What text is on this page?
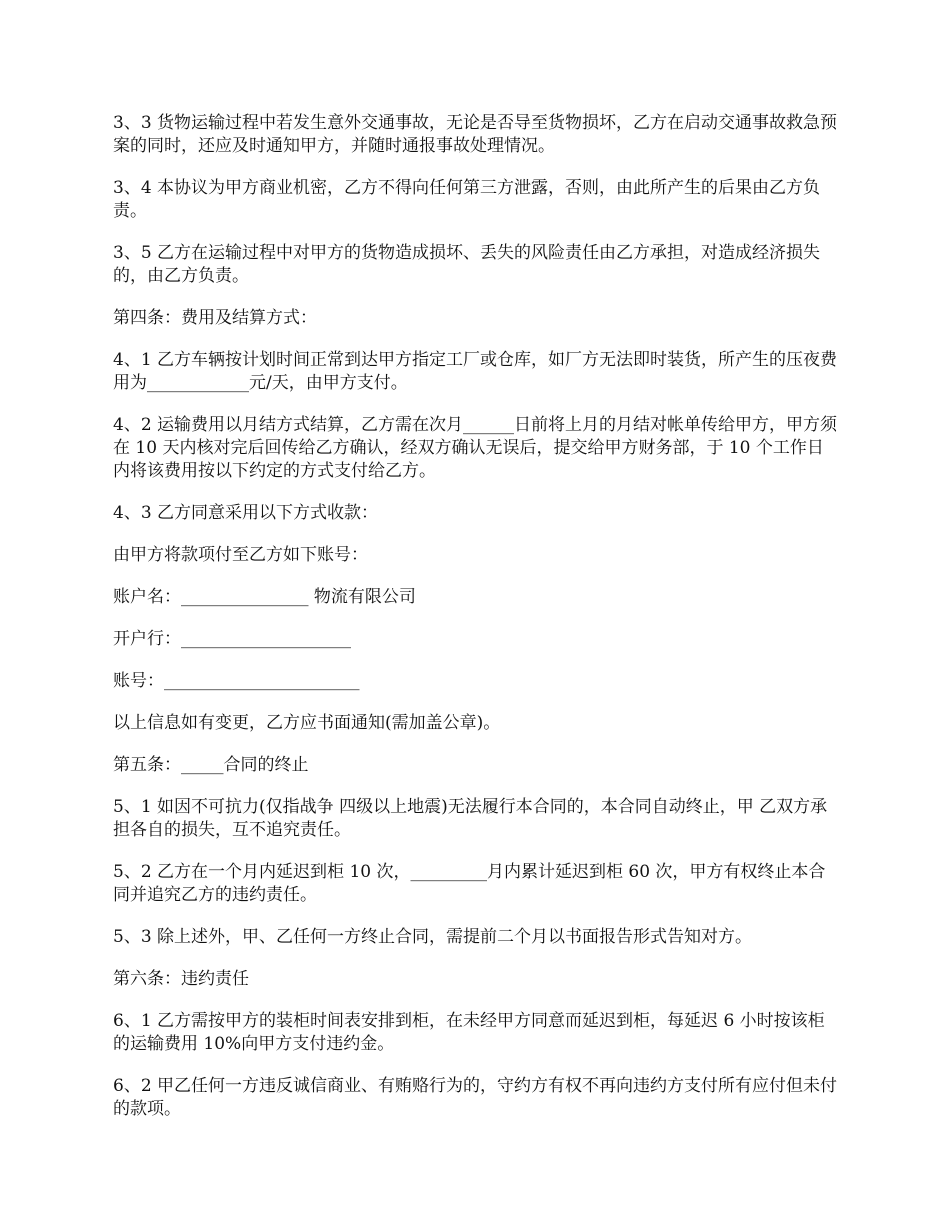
3、3 货物运输过程中若发生意外交通事故，无论是否导至货物损坏，乙方在启动交通事故救急预案的同时，还应及时通知甲方，并随时通报事故处理情况。

3、4 本协议为甲方商业机密，乙方不得向任何第三方泄露，否则，由此所产生的后果由乙方负责。

3、5 乙方在运输过程中对甲方的货物造成损坏、丢失的风险责任由乙方承担，对造成经济损失的，由乙方负责。

第四条：费用及结算方式：

4、1 乙方车辆按计划时间正常到达甲方指定工厂或仓库，如厂方无法即时装货，所产生的压夜费用为____________元/天，由甲方支付。

4、2 运输费用以月结方式结算，乙方需在次月______日前将上月的月结对帐单传给甲方，甲方须在 10 天内核对完后回传给乙方确认，经双方确认无误后，提交给甲方财务部，于 10 个工作日内将该费用按以下约定的方式支付给乙方。

4、3 乙方同意采用以下方式收款：

由甲方将款项付至乙方如下账号：

账户名：_______________ 物流有限公司

开户行：____________________

账号：_______________________

以上信息如有变更，乙方应书面通知(需加盖公章)。

第五条：_____合同的终止

5、1 如因不可抗力(仅指战争 四级以上地震)无法履行本合同的，本合同自动终止，甲 乙双方承担各自的损失，互不追究责任。

5、2 乙方在一个月内延迟到柜 10 次，_________月内累计延迟到柜 60 次，甲方有权终止本合同并追究乙方的违约责任。

5、3 除上述外，甲、乙任何一方终止合同，需提前二个月以书面报告形式告知对方。

第六条：违约责任

6、1 乙方需按甲方的装柜时间表安排到柜，在未经甲方同意而延迟到柜，每延迟 6 小时按该柜的运输费用 10%向甲方支付违约金。

6、2 甲乙任何一方违反诚信商业、有贿赂行为的，守约方有权不再向违约方支付所有应付但未付的款项。
